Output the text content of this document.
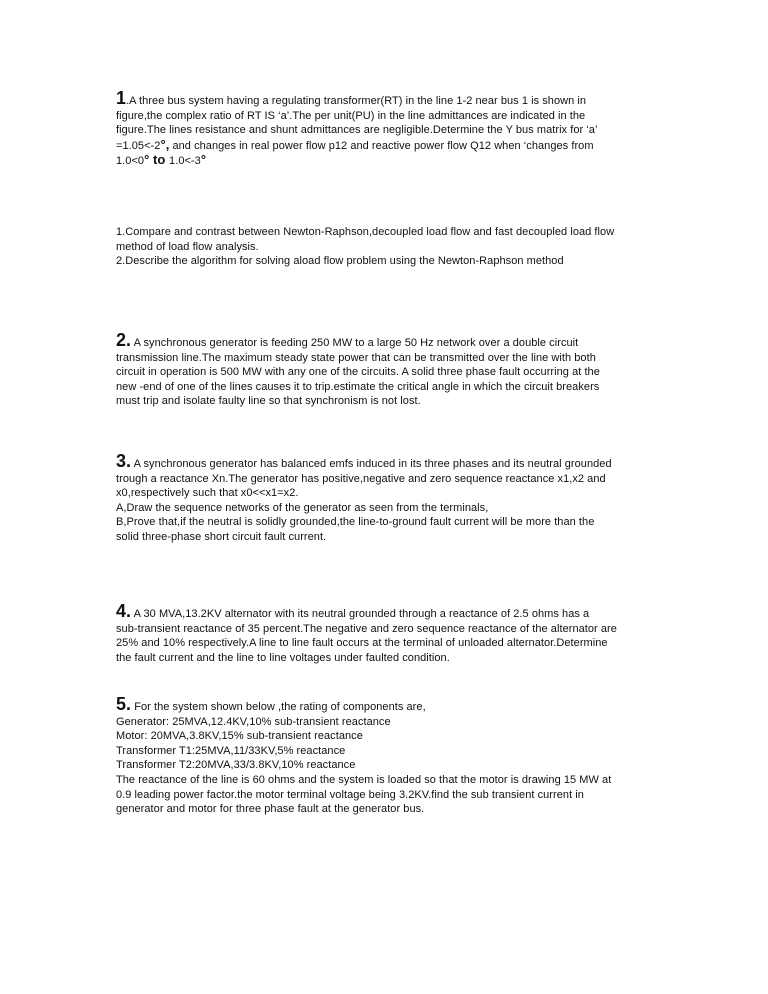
1.A three bus system having a regulating transformer(RT) in the line 1-2 near bus 1 is shown in
figure,the complex ratio of RT IS ‘a’.The per unit(PU) in the line admittances are indicated in the
figure.The lines resistance and shunt admittances are negligible.Determine the Y bus matrix for ‘a’
=1.05<-2°, and changes in real power flow p12 and reactive power flow Q12 when ‘changes from
1.0<0° to 1.0<-3°
1.Compare and contrast between Newton-Raphson,decoupled load flow and fast decoupled load flow
method of load flow analysis.
2.Describe the algorithm for solving aload flow problem using the Newton-Raphson method
2. A synchronous generator is feeding 250 MW to a large 50 Hz network over a double circuit
transmission line.The maximum steady state power that can be transmitted over the line with both
circuit in operation is 500 MW with any one of the circuits. A solid three phase fault occurring at the
new -end of one of the lines causes it to trip.estimate the critical angle in which the circuit breakers
must trip and isolate faulty line so that synchronism is not lost.
3. A synchronous generator has balanced emfs induced in its three phases and its neutral grounded
trough a reactance Xn.The generator has positive,negative and zero sequence reactance x1,x2 and
x0,respectively such that x0<<x1=x2.
A,Draw the sequence networks of the generator as seen from the terminals,
B,Prove that,if the neutral is solidly grounded,the line-to-ground fault current will be more than the
solid three-phase short circuit fault current.
4. A 30 MVA,13.2KV alternator with its neutral grounded through a reactance of 2.5 ohms has a
sub-transient reactance of 35 percent.The negative and zero sequence reactance of the alternator are
25% and 10% respectively.A line to line fault occurs at the terminal of unloaded alternator.Determine
the fault current and the line to line voltages under faulted condition.
5. For the system shown below ,the rating of components are,
Generator: 25MVA,12.4KV,10% sub-transient reactance
Motor: 20MVA,3.8KV,15% sub-transient reactance
Transformer T1:25MVA,11/33KV,5% reactance
Transformer T2:20MVA,33/3.8KV,10% reactance
The reactance of the line is 60 ohms and the system is loaded so that the motor is drawing 15 MW at
0.9 leading power factor.the motor terminal voltage being 3.2KV.find the sub transient current in
generator and motor for three phase fault at the generator bus.
